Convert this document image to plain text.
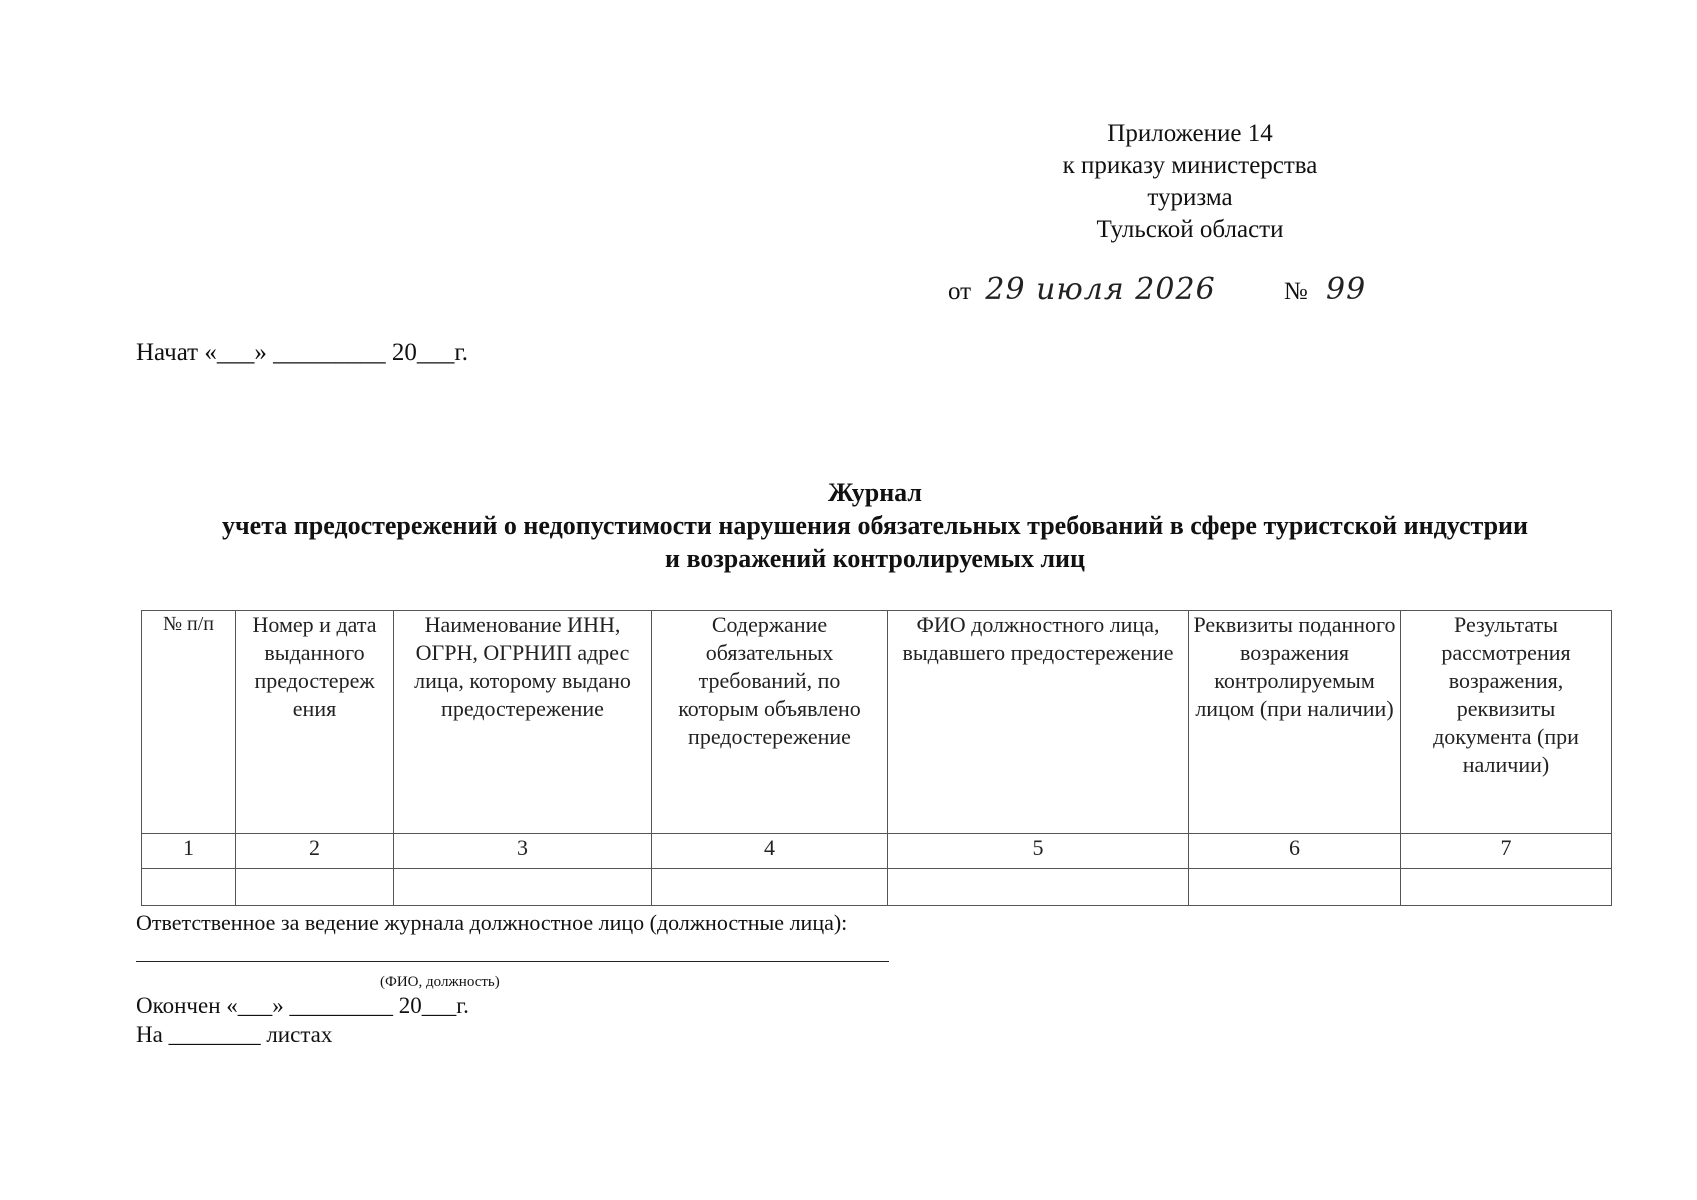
Приложение 14
к приказу министерства
туризма
Тульской области
от 29 июля 2026	№ 99
Начат «___» _________ 20___г.
Журнал
учета предостережений о недопустимости нарушения обязательных требований в сфере туристской индустрии
и возражений контролируемых лиц
№ п/п	Номер и дата выданного предостереж ения	Наименование ИНН, ОГРН, ОГРНИП адрес лица, которому выдано предостережение	Содержание обязательных требований, по которым объявлено предостережение	ФИО должностного лица, выдавшего предостережение	Реквизиты поданного возражения контролируемым лицом (при наличии)	Результаты рассмотрения возражения, реквизиты документа (при наличии)
1	2	3	4	5	6	7

Ответственное за ведение журнала должностное лицо (должностные лица):
(ФИО, должность)
Окончен «___» _________ 20___г.
На ________ листах
